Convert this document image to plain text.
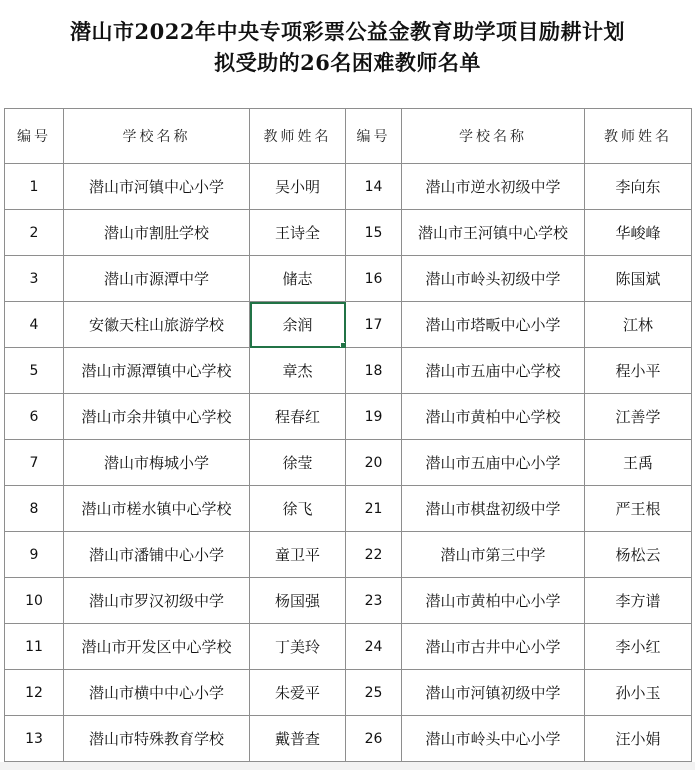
潜山市2022年中央专项彩票公益金教育助学项目励耕计划
拟受助的26名困难教师名单
编号	学校名称	教师姓名	编号	学校名称	教师姓名
1	潜山市河镇中心小学	吴小明	14	潜山市逆水初级中学	李向东
2	潜山市割肚学校	王诗全	15	潜山市王河镇中心学校	华峻峰
3	潜山市源潭中学	储志	16	潜山市岭头初级中学	陈国斌
4	安徽天柱山旅游学校	余润	17	潜山市塔畈中心小学	江林
5	潜山市源潭镇中心学校	章杰	18	潜山市五庙中心学校	程小平
6	潜山市余井镇中心学校	程春红	19	潜山市黄柏中心学校	江善学
7	潜山市梅城小学	徐莹	20	潜山市五庙中心小学	王禹
8	潜山市槎水镇中心学校	徐飞	21	潜山市棋盘初级中学	严王根
9	潜山市潘铺中心小学	童卫平	22	潜山市第三中学	杨松云
10	潜山市罗汉初级中学	杨国强	23	潜山市黄柏中心小学	李方谱
11	潜山市开发区中心学校	丁美玲	24	潜山市古井中心小学	李小红
12	潜山市横中中心小学	朱爱平	25	潜山市河镇初级中学	孙小玉
13	潜山市特殊教育学校	戴普查	26	潜山市岭头中心小学	汪小娟
